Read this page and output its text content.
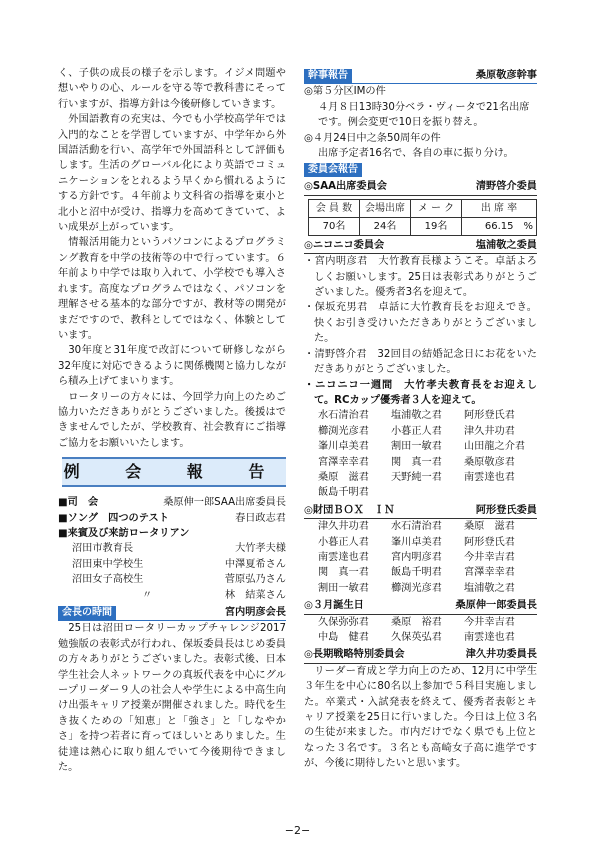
く、子供の成長の様子を示します。イジメ問題や想いやりの心、ルールを守る等で教科書にそって行いますが、指導方針は今後研修していきます。

外国語教育の充実は、今でも小学校高学年では入門的なことを学習していますが、中学年から外国語活動を行い、高学年で外国語科として評価もします。生活のグローバル化により英語でコミュニケーションをとれるよう早くから慣れるようにする方針です。４年前より文科省の指導を東小と北小と沼中が受け、指導力を高めてきていて、よい成果が上がっています。

情報活用能力というパソコンによるプログラミング教育を中学の技術等の中で行っています。６年前より中学では取り入れて、小学校でも導入されます。高度なプログラムではなく、パソコンを理解させる基本的な部分ですが、教材等の開発がまだですので、教科としてではなく、体験としています。

30年度と31年度で改訂について研修しながら32年度に対応できるように関係機関と協力しながら積み上げてまいります。

ロータリーの方々には、今回学力向上のためご協力いただきありがとうございました。後援はできませんでしたが、学校教育、社会教育にご指導ご協力をお願いいたします。

例 会 報 告
■司　会	桑原伸一郎SAA出席委員長
■ソング　四つのテスト	春日政志君
■来賓及び来訪ロータリアン
沼田市教育長	大竹孝夫様
沼田東中学校生	中澤夏希さん
沼田女子高校生	菅原弘乃さん
〃	林　結菜さん
会長の時間	宮内明彦会長

25日は沼田ロータリーカップチャレンジ2017勉強版の表彰式が行われ、保坂委員長はじめ委員の方々ありがとうございました。表彰式後、日本学生社会人ネットワークの真坂代表を中心にグループリーダー９人の社会人や学生による中高生向け出張キャリア授業が開催されました。時代を生き抜くための「知恵」と「強さ」と「しなやかさ」を持つ若者に育ってほしいとありました。生徒達は熱心に取り組んでいて今後期待できました。

幹事報告	桑原敬彦幹事
◎第５分区IMの件
４月８日13時30分ベラ・ヴィータで21名出席です。例会変更で10日を振り替え。
◎４月24日中之条50周年の件
出席予定者16名で、各自の車に振り分け。
委員会報告
◎SAA出席委員会	清野啓介委員
会 員 数	会場出席	メ ー ク	出 席 率
70名	24名	19名	66.15　%
◎ニコニコ委員会	塩浦敬之委員
・宮内明彦君　大竹教育長様ようこそ。卓話よろしくお願いします。25日は表彰式ありがとうございました。優秀者3名を迎えて。
・保坂充男君　卓話に大竹教育長をお迎えでき。快くお引き受けいただきありがとうございました。
・清野啓介君　32回目の結婚記念日にお花をいただきありがとうございました。
・ニコニコ一週間　大竹孝夫教育長をお迎えして。RCカップ優秀者３人を迎えて。
水石清治君	塩浦敬之君	阿形登氏君
櫛渕光彦君	小暮正人君	津久井功君
峯川卓美君	割田一敏君	山田龍之介君
宮澤幸幸君	関　真一君	桑原敬彦君
桑原　滋君	天野純一君	南雲達也君
飯島千明君
◎財団ＢＯＸ　ＩＮ	阿形登氏委員
津久井功君	水石清治君	桑原　滋君
小暮正人君	峯川卓美君	阿形登氏君
南雲達也君	宮内明彦君	今井幸吉君
関　真一君	飯島千明君	宮澤幸幸君
割田一敏君	櫛渕光彦君	塩浦敬之君
◎３月誕生日	桑原伸一郎委員長
久保弥弥君	桑原　裕君	今井幸吉君
中島　健君	久保英弘君	南雲達也君
◎長期戦略特別委員会	津久井功委員長

リーダー育成と学力向上のため、12月に中学生３年生を中心に80名以上参加で５科目実施しました。卒業式・入試発表を終えて、優秀者表彰とキャリア授業を25日に行いました。今日は上位３名の生徒が来ました。市内だけでなく県でも上位となった３名です。３名とも高崎女子高に進学ですが、今後に期待したいと思います。

−2−
